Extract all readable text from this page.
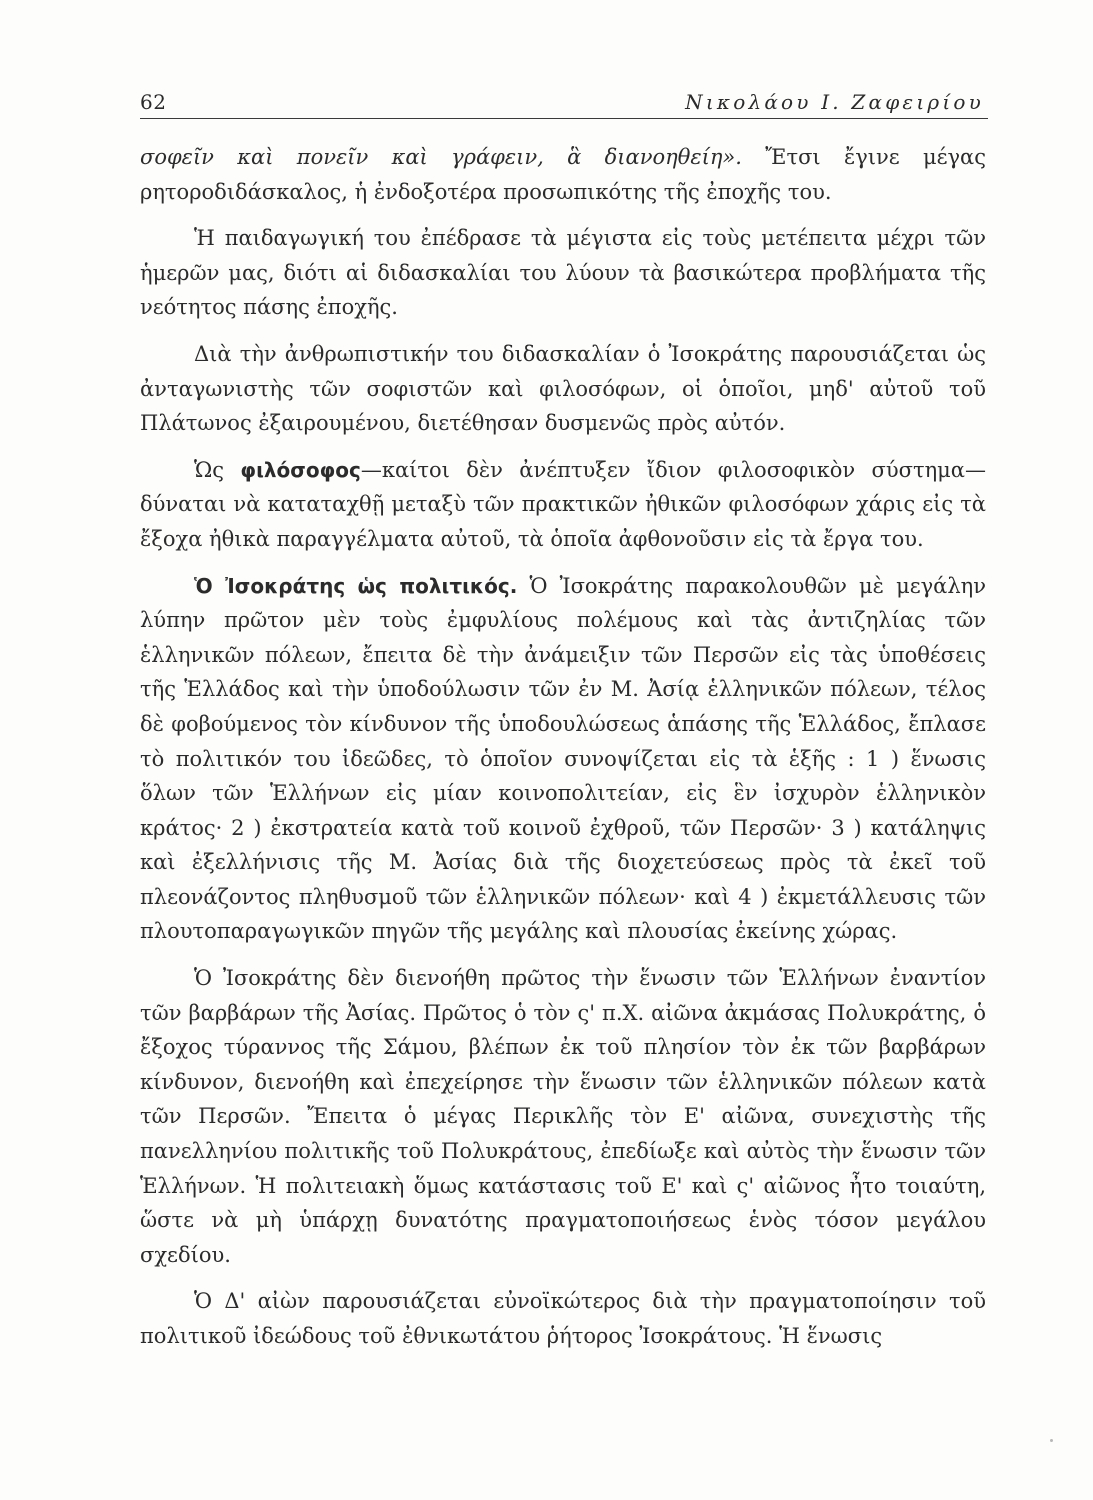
62	Νικολάου Ι. Ζαφειρίου

σοφεῖν καὶ πονεῖν καὶ γράφειν, ἃ διανοηθείη». Ἔτσι ἔγινε μέγας ρητοροδιδάσκαλος, ἡ ἐνδοξοτέρα προσωπικότης τῆς ἐποχῆς του.

Ἡ παιδαγωγική του ἐπέδρασε τὰ μέγιστα εἰς τοὺς μετέπειτα μέχρι τῶν ἡμερῶν μας, διότι αἱ διδασκαλίαι του λύουν τὰ βασικώτερα προβλήματα τῆς νεότητος πάσης ἐποχῆς.

Διὰ τὴν ἀνθρωπιστικήν του διδασκαλίαν ὁ Ἰσοκράτης παρουσιάζεται ὡς ἀνταγωνιστὴς τῶν σοφιστῶν καὶ φιλοσόφων, οἱ ὁποῖοι, μηδ' αὐτοῦ τοῦ Πλάτωνος ἐξαιρουμένου, διετέθησαν δυσμενῶς πρὸς αὐτόν.

Ὡς φιλόσοφος—καίτοι δὲν ἀνέπτυξεν ἴδιον φιλοσοφικὸν σύστημα—δύναται νὰ καταταχθῇ μεταξὺ τῶν πρακτικῶν ἠθικῶν φιλοσόφων χάρις εἰς τὰ ἔξοχα ἠθικὰ παραγγέλματα αὐτοῦ, τὰ ὁποῖα ἀφθονοῦσιν εἰς τὰ ἔργα του.

Ὁ Ἰσοκράτης ὡς πολιτικός. Ὁ Ἰσοκράτης παρακολουθῶν μὲ μεγάλην λύπην πρῶτον μὲν τοὺς ἐμφυλίους πολέμους καὶ τὰς ἀντιζηλίας τῶν ἑλληνικῶν πόλεων, ἔπειτα δὲ τὴν ἀνάμειξιν τῶν Περσῶν εἰς τὰς ὑποθέσεις τῆς Ἑλλάδος καὶ τὴν ὑποδούλωσιν τῶν ἐν Μ. Ἀσίᾳ ἑλληνικῶν πόλεων, τέλος δὲ φοβούμενος τὸν κίνδυνον τῆς ὑποδουλώσεως ἁπάσης τῆς Ἑλλάδος, ἔπλασε τὸ πολιτικόν του ἰδεῶδες, τὸ ὁποῖον συνοψίζεται εἰς τὰ ἑξῆς : 1 ) ἕνωσις ὅλων τῶν Ἑλλήνων εἰς μίαν κοινοπολιτείαν, εἰς ἓν ἰσχυρὸν ἑλληνικὸν κράτος· 2 ) ἐκστρατεία κατὰ τοῦ κοινοῦ ἐχθροῦ, τῶν Περσῶν· 3 ) κατάληψις καὶ ἐξελλήνισις τῆς Μ. Ἀσίας διὰ τῆς διοχετεύσεως πρὸς τὰ ἐκεῖ τοῦ πλεονάζοντος πληθυσμοῦ τῶν ἑλληνικῶν πόλεων· καὶ 4 ) ἐκμετάλλευσις τῶν πλουτοπαραγωγικῶν πηγῶν τῆς μεγάλης καὶ πλουσίας ἐκείνης χώρας.

Ὁ Ἰσοκράτης δὲν διενοήθη πρῶτος τὴν ἕνωσιν τῶν Ἑλλήνων ἐναντίον τῶν βαρβάρων τῆς Ἀσίας. Πρῶτος ὁ τὸν ς' π.Χ. αἰῶνα ἀκμάσας Πολυκράτης, ὁ ἔξοχος τύραννος τῆς Σάμου, βλέπων ἐκ τοῦ πλησίον τὸν ἐκ τῶν βαρβάρων κίνδυνον, διενοήθη καὶ ἐπεχείρησε τὴν ἕνωσιν τῶν ἑλληνικῶν πόλεων κατὰ τῶν Περσῶν. Ἔπειτα ὁ μέγας Περικλῆς τὸν Ε' αἰῶνα, συνεχιστὴς τῆς πανελληνίου πολιτικῆς τοῦ Πολυκράτους, ἐπεδίωξε καὶ αὐτὸς τὴν ἕνωσιν τῶν Ἑλλήνων. Ἡ πολιτειακὴ ὅμως κατάστασις τοῦ Ε' καὶ ς' αἰῶνος ἦτο τοιαύτη, ὥστε νὰ μὴ ὑπάρχῃ δυνατότης πραγματοποιήσεως ἑνὸς τόσον μεγάλου σχεδίου.

Ὁ Δ' αἰὼν παρουσιάζεται εὐνοϊκώτερος διὰ τὴν πραγματοποίησιν τοῦ πολιτικοῦ ἰδεώδους τοῦ ἐθνικωτάτου ῥήτορος Ἰσοκράτους. Ἡ ἕνωσις
